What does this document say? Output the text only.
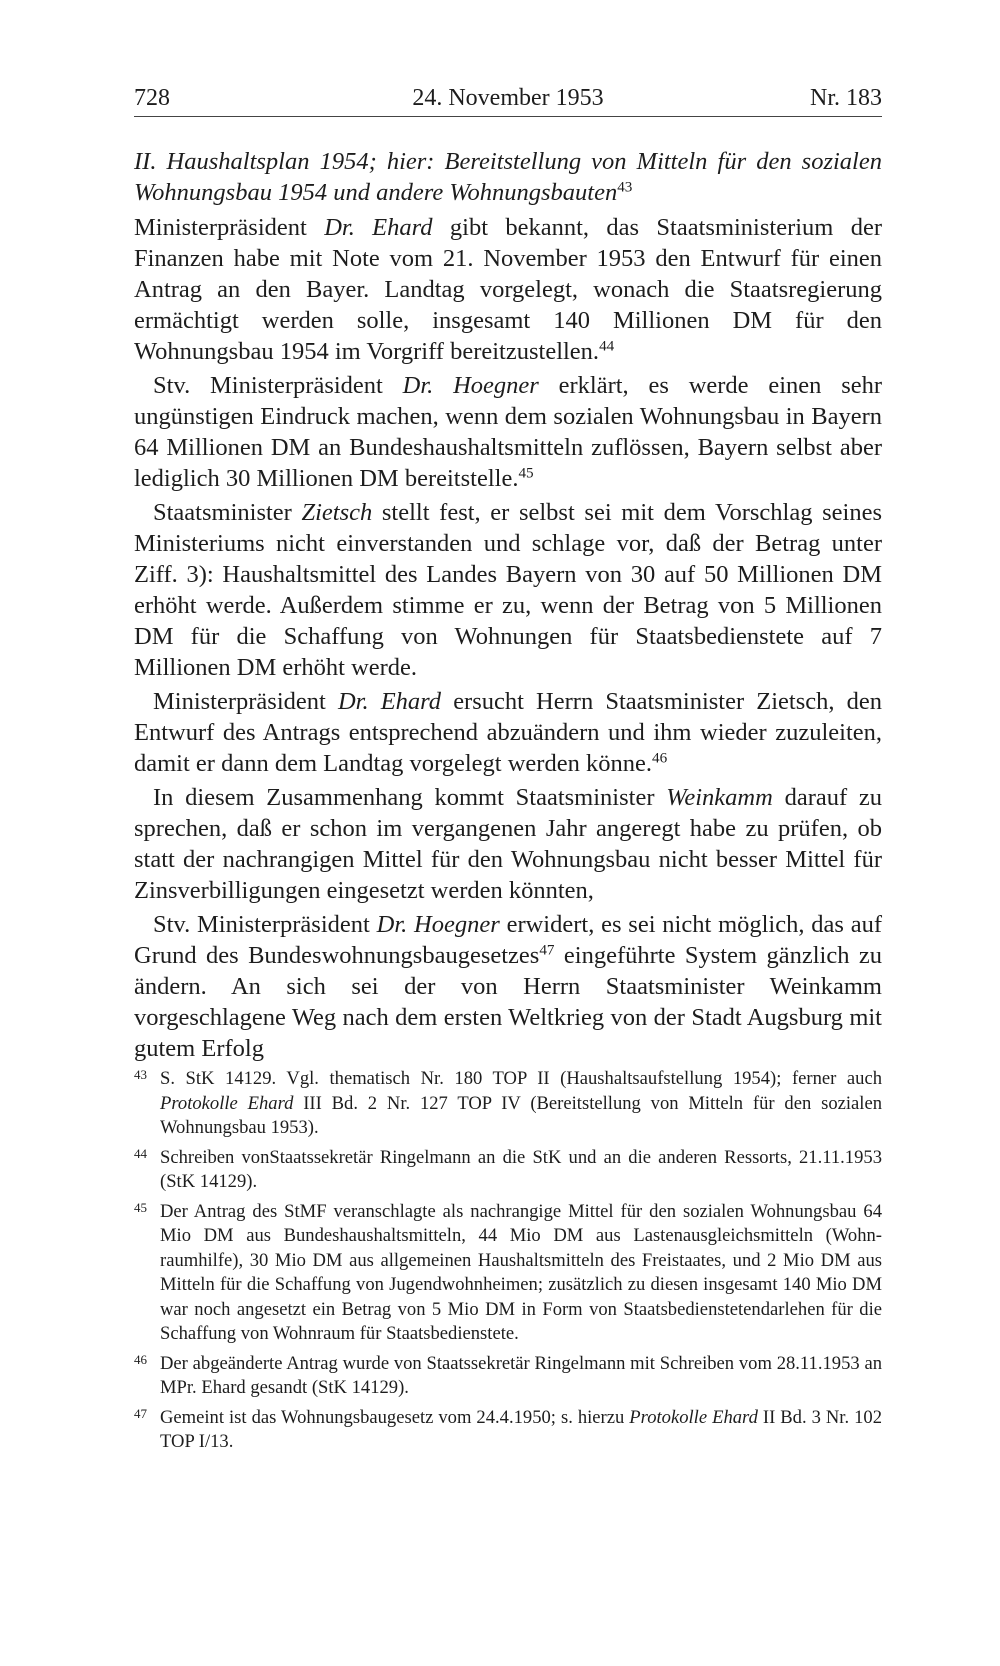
728	24. November 1953	Nr. 183

II. Haushaltsplan 1954; hier: Bereitstellung von Mitteln für den sozialen Wohnungsbau 1954 und andere Wohnungsbauten$^{43}$

Ministerpräsident Dr. Ehard gibt bekannt, das Staatsministerium der Finanzen habe mit Note vom 21. November 1953 den Entwurf für einen Antrag an den Bayer. Landtag vorgelegt, wonach die Staatsregierung ermächtigt werden solle, insgesamt 140 Millionen DM für den Wohnungsbau 1954 im Vorgriff bereitzustellen.$^{44}$

Stv. Ministerpräsident Dr. Hoegner erklärt, es werde einen sehr ungünstigen Eindruck machen, wenn dem sozialen Wohnungsbau in Bayern 64 Millionen DM an Bundeshaushaltsmitteln zuflössen, Bayern selbst aber lediglich 30 Millionen DM bereitstelle.$^{45}$

Staatsminister Zietsch stellt fest, er selbst sei mit dem Vorschlag seines Ministeriums nicht einverstanden und schlage vor, daß der Betrag unter Ziff. 3): Haushaltsmittel des Landes Bayern von 30 auf 50 Millionen DM erhöht werde. Außerdem stimme er zu, wenn der Betrag von 5 Millionen DM für die Schaffung von Wohnungen für Staatsbedienstete auf 7 Millionen DM erhöht werde.

Ministerpräsident Dr. Ehard ersucht Herrn Staatsminister Zietsch, den Entwurf des Antrags entsprechend abzuändern und ihm wieder zuzuleiten, damit er dann dem Landtag vorgelegt werden könne.$^{46}$

In diesem Zusammenhang kommt Staatsminister Weinkamm darauf zu sprechen, daß er schon im vergangenen Jahr angeregt habe zu prüfen, ob statt der nachrangigen Mittel für den Wohnungsbau nicht besser Mittel für Zinsverbilligungen eingesetzt werden könnten,

Stv. Ministerpräsident Dr. Hoegner erwidert, es sei nicht möglich, das auf Grund des Bundeswohnungsbaugesetzes$^{47}$ eingeführte System gänzlich zu ändern. An sich sei der von Herrn Staatsminister Weinkamm vorgeschlagene Weg nach dem ersten Weltkrieg von der Stadt Augsburg mit gutem Erfolg

43 S. StK 14129. Vgl. thematisch Nr. 180 TOP II (Haushaltsaufstellung 1954); ferner auch Protokolle Ehard III Bd. 2 Nr. 127 TOP IV (Bereitstellung von Mitteln für den sozialen Wohnungsbau 1953).
44 Schreiben vonStaatssekretär Ringelmann an die StK und an die anderen Ressorts, 21.11.1953 (StK 14129).
45 Der Antrag des StMF veranschlagte als nachrangige Mittel für den sozialen Wohnungsbau 64 Mio DM aus Bundeshaushaltsmitteln, 44 Mio DM aus Lastenausgleichsmitteln (Wohnraumhilfe), 30 Mio DM aus allgemeinen Haushaltsmitteln des Freistaates, und 2 Mio DM aus Mitteln für die Schaffung von Jugendwohnheimen; zusätzlich zu diesen insgesamt 140 Mio DM war noch angesetzt ein Betrag von 5 Mio DM in Form von Staatsbedienstetendarlehen für die Schaffung von Wohnraum für Staatsbedienstete.
46 Der abgeänderte Antrag wurde von Staatssekretär Ringelmann mit Schreiben vom 28.11.1953 an MPr. Ehard gesandt (StK 14129).
47 Gemeint ist das Wohnungsbaugesetz vom 24.4.1950; s. hierzu Protokolle Ehard II Bd. 3 Nr. 102 TOP I/13.
